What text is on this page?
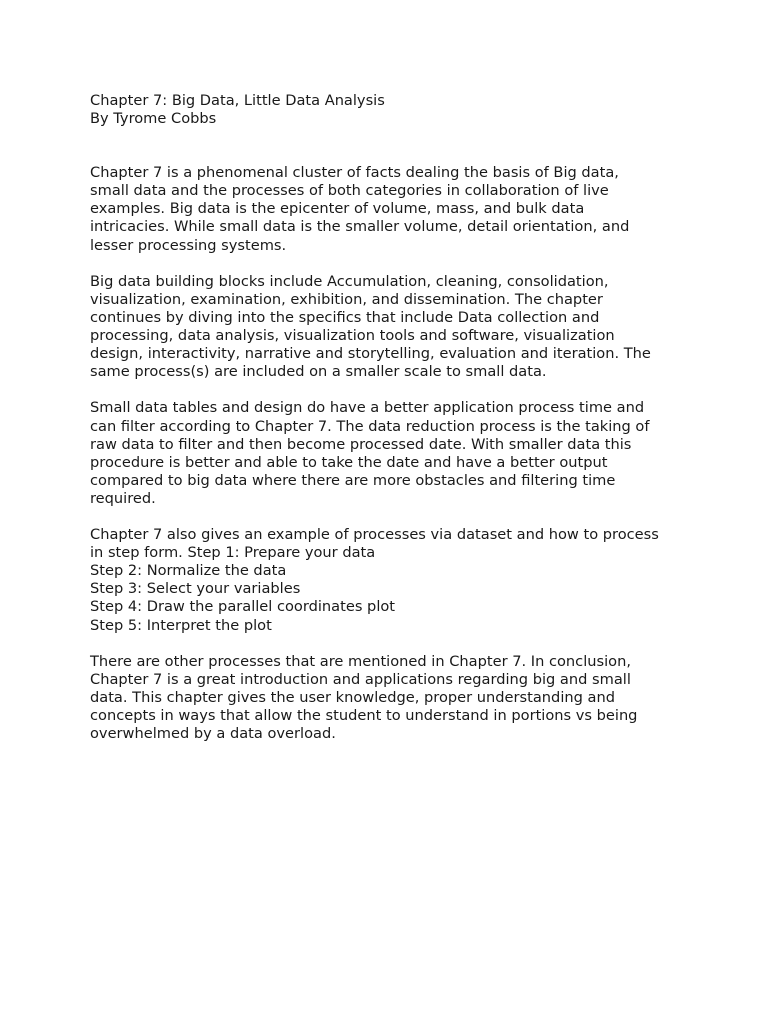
Chapter 7: Big Data, Little Data Analysis

By Tyrome Cobbs

Chapter 7 is a phenomenal cluster of facts dealing the basis of Big data,
small data and the processes of both categories in collaboration of live
examples. Big data is the epicenter of volume, mass, and bulk data
intricacies. While small data is the smaller volume, detail orientation, and
lesser processing systems.
Big data building blocks include Accumulation, cleaning, consolidation,
visualization, examination, exhibition, and dissemination. The chapter
continues by diving into the specifics that include Data collection and
processing, data analysis, visualization tools and software, visualization
design, interactivity, narrative and storytelling, evaluation and iteration. The
same process(s) are included on a smaller scale to small data.
Small data tables and design do have a better application process time and
can filter according to Chapter 7. The data reduction process is the taking of
raw data to filter and then become processed date. With smaller data this
procedure is better and able to take the date and have a better output
compared to big data where there are more obstacles and filtering time
required.
Chapter 7 also gives an example of processes via dataset and how to process
in step form. Step 1: Prepare your data
Step 2: Normalize the data
Step 3: Select your variables
Step 4: Draw the parallel coordinates plot
Step 5: Interpret the plot
There are other processes that are mentioned in Chapter 7. In conclusion,
Chapter 7 is a great introduction and applications regarding big and small
data. This chapter gives the user knowledge, proper understanding and
concepts in ways that allow the student to understand in portions vs being
overwhelmed by a data overload.
